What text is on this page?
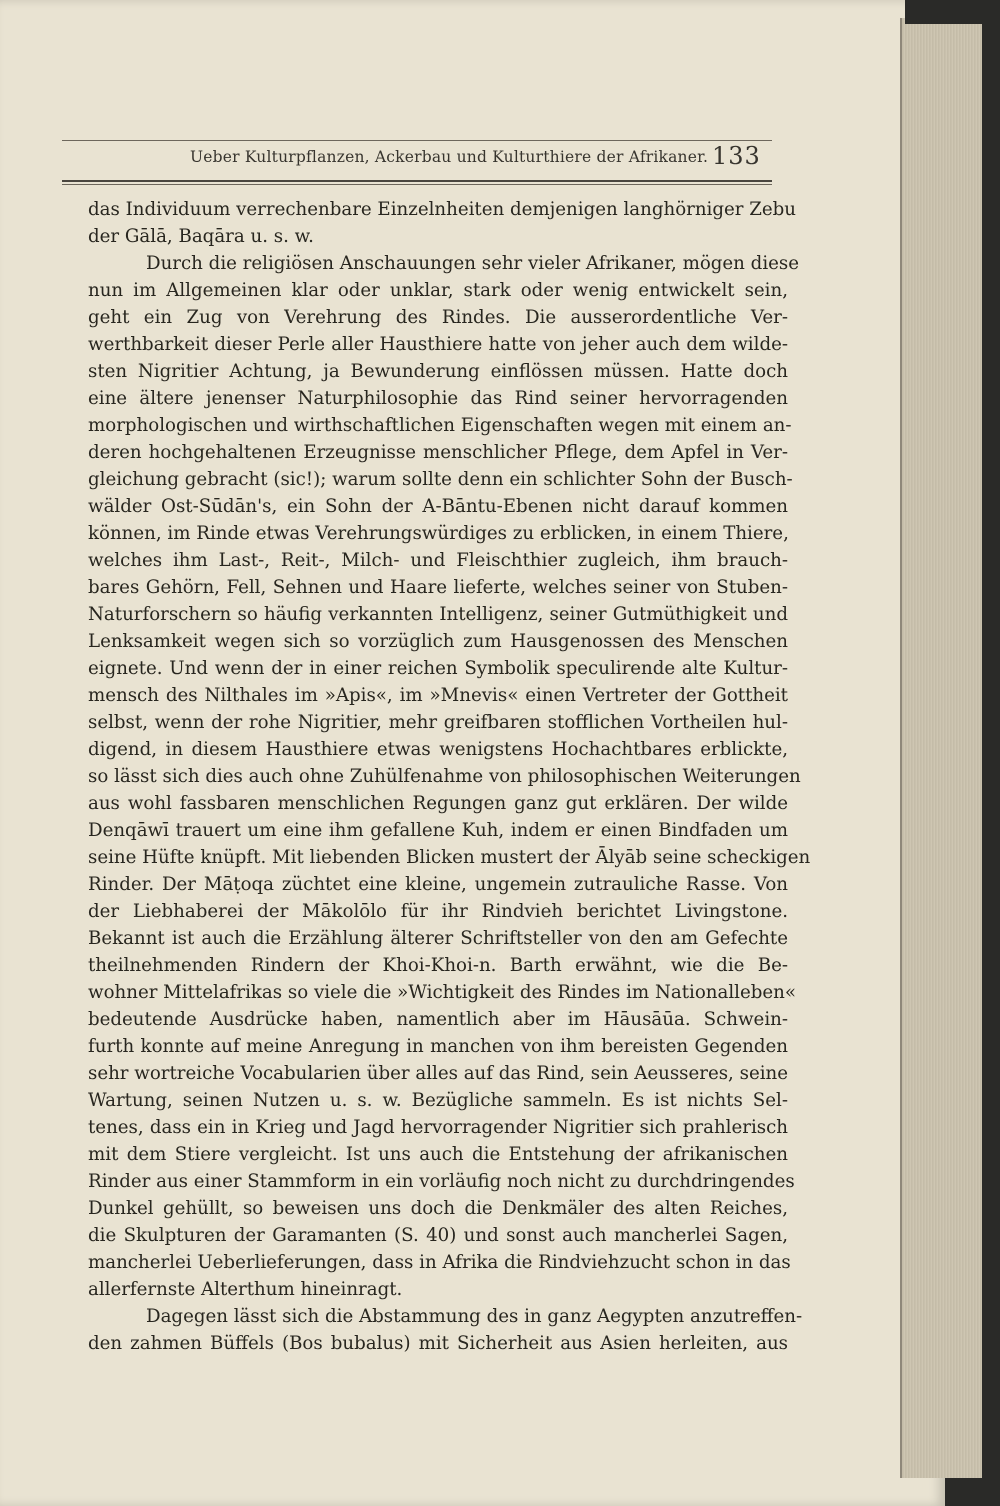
Ueber Kulturpflanzen, Ackerbau und Kulturthiere der Afrikaner. 133
das Individuum verrechenbare Einzelnheiten demjenigen langhörniger Zebu
der Gālā, Baqāra u. s. w.
Durch die religiösen Anschauungen sehr vieler Afrikaner, mögen diese
nun im Allgemeinen klar oder unklar, stark oder wenig entwickelt sein,
geht ein Zug von Verehrung des Rindes. Die ausserordentliche Ver-
werthbarkeit dieser Perle aller Hausthiere hatte von jeher auch dem wilde-
sten Nigritier Achtung, ja Bewunderung einflössen müssen. Hatte doch
eine ältere jenenser Naturphilosophie das Rind seiner hervorragenden
morphologischen und wirthschaftlichen Eigenschaften wegen mit einem an-
deren hochgehaltenen Erzeugnisse menschlicher Pflege, dem Apfel in Ver-
gleichung gebracht (sic!); warum sollte denn ein schlichter Sohn der Busch-
wälder Ost-Sūdān's, ein Sohn der A-Bāntu-Ebenen nicht darauf kommen
können, im Rinde etwas Verehrungswürdiges zu erblicken, in einem Thiere,
welches ihm Last-, Reit-, Milch- und Fleischthier zugleich, ihm brauch-
bares Gehörn, Fell, Sehnen und Haare lieferte, welches seiner von Stuben-
Naturforschern so häufig verkannten Intelligenz, seiner Gutmüthigkeit und
Lenksamkeit wegen sich so vorzüglich zum Hausgenossen des Menschen
eignete. Und wenn der in einer reichen Symbolik speculirende alte Kultur-
mensch des Nilthales im »Apis«, im »Mnevis« einen Vertreter der Gottheit
selbst, wenn der rohe Nigritier, mehr greifbaren stofflichen Vortheilen hul-
digend, in diesem Hausthiere etwas wenigstens Hochachtbares erblickte,
so lässt sich dies auch ohne Zuhülfenahme von philosophischen Weiterungen
aus wohl fassbaren menschlichen Regungen ganz gut erklären. Der wilde
Denqāwī trauert um eine ihm gefallene Kuh, indem er einen Bindfaden um
seine Hüfte knüpft. Mit liebenden Blicken mustert der Ālyāb seine scheckigen
Rinder. Der Māṭoqa züchtet eine kleine, ungemein zutrauliche Rasse. Von
der Liebhaberei der Mākolōlo für ihr Rindvieh berichtet Livingstone.
Bekannt ist auch die Erzählung älterer Schriftsteller von den am Gefechte
theilnehmenden Rindern der Khoi-Khoi-n. Barth erwähnt, wie die Be-
wohner Mittelafrikas so viele die »Wichtigkeit des Rindes im Nationalleben«
bedeutende Ausdrücke haben, namentlich aber im Hāusāūa. Schwein-
furth konnte auf meine Anregung in manchen von ihm bereisten Gegenden
sehr wortreiche Vocabularien über alles auf das Rind, sein Aeusseres, seine
Wartung, seinen Nutzen u. s. w. Bezügliche sammeln. Es ist nichts Sel-
tenes, dass ein in Krieg und Jagd hervorragender Nigritier sich prahlerisch
mit dem Stiere vergleicht. Ist uns auch die Entstehung der afrikanischen
Rinder aus einer Stammform in ein vorläufig noch nicht zu durchdringendes
Dunkel gehüllt, so beweisen uns doch die Denkmäler des alten Reiches,
die Skulpturen der Garamanten (S. 40) und sonst auch mancherlei Sagen,
mancherlei Ueberlieferungen, dass in Afrika die Rindviehzucht schon in das
allerfernste Alterthum hineinragt.
Dagegen lässt sich die Abstammung des in ganz Aegypten anzutreffen-
den zahmen Büffels (Bos bubalus) mit Sicherheit aus Asien herleiten, aus
